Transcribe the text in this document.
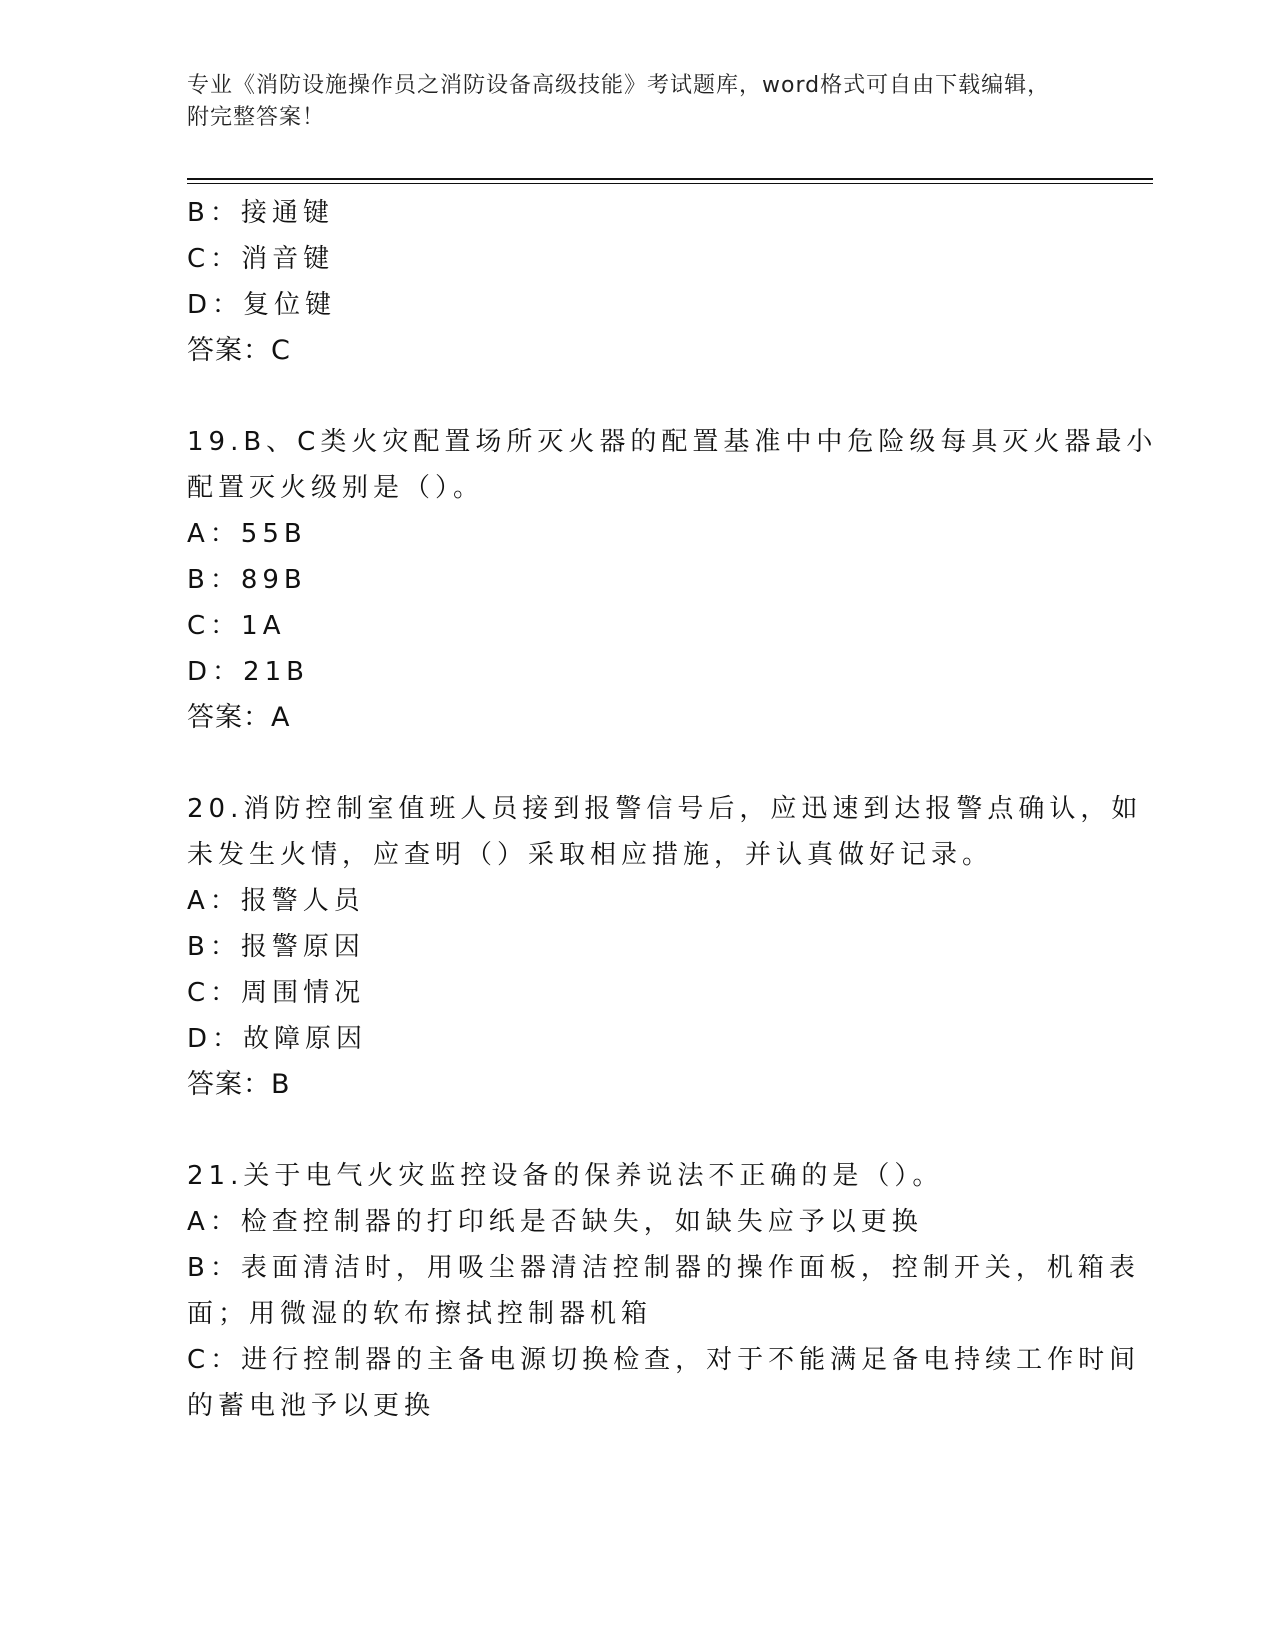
专业《消防设施操作员之消防设备高级技能》考试题库，word格式可自由下载编辑，附完整答案！
B：接通键
C：消音键
D：复位键
答案：C
19.B、C类火灾配置场所灭火器的配置基准中中危险级每具灭火器最小
配置灭火级别是（）。
A：55B
B：89B
C：1A
D：21B
答案：A
20.消防控制室值班人员接到报警信号后，应迅速到达报警点确认，如
未发生火情，应查明（）采取相应措施，并认真做好记录。
A：报警人员
B：报警原因
C：周围情况
D：故障原因
答案：B
21.关于电气火灾监控设备的保养说法不正确的是（）。
A：检查控制器的打印纸是否缺失，如缺失应予以更换
B：表面清洁时，用吸尘器清洁控制器的操作面板，控制开关，机箱表
面；用微湿的软布擦拭控制器机箱
C：进行控制器的主备电源切换检查，对于不能满足备电持续工作时间
的蓄电池予以更换
